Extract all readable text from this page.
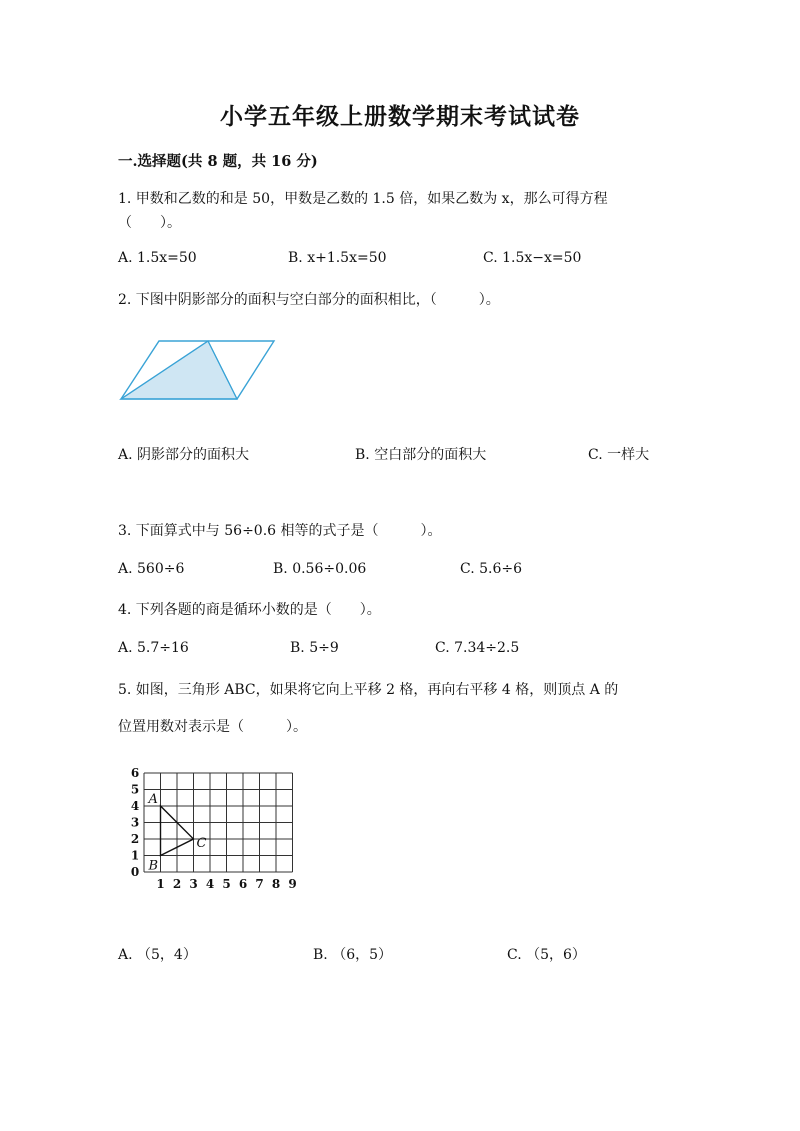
小学五年级上册数学期末考试试卷
一.选择题(共 8 题，共 16 分)
1. 甲数和乙数的和是 50，甲数是乙数的 1.5 倍，如果乙数为 x，那么可得方程
（　　）。
A. 1.5x=50	B. x+1.5x=50	C. 1.5x−x=50
2. 下图中阴影部分的面积与空白部分的面积相比，（　　　）。
A. 阴影部分的面积大	B. 空白部分的面积大	C. 一样大
3. 下面算式中与 56÷0.6 相等的式子是（　　　）。
A. 560÷6	B. 0.56÷0.06	C. 5.6÷6
4. 下列各题的商是循环小数的是（　　）。
A. 5.7÷16	B. 5÷9	C. 7.34÷2.5
5. 如图，三角形 ABC，如果将它向上平移 2 格，再向右平移 4 格，则顶点 A 的
位置用数对表示是（　　　）。
1 2 3 4 5 6 7 8 9
0
1
2
3
4
5
6
A
B
C
A. （5，4）	B. （6，5）	C. （5，6）
